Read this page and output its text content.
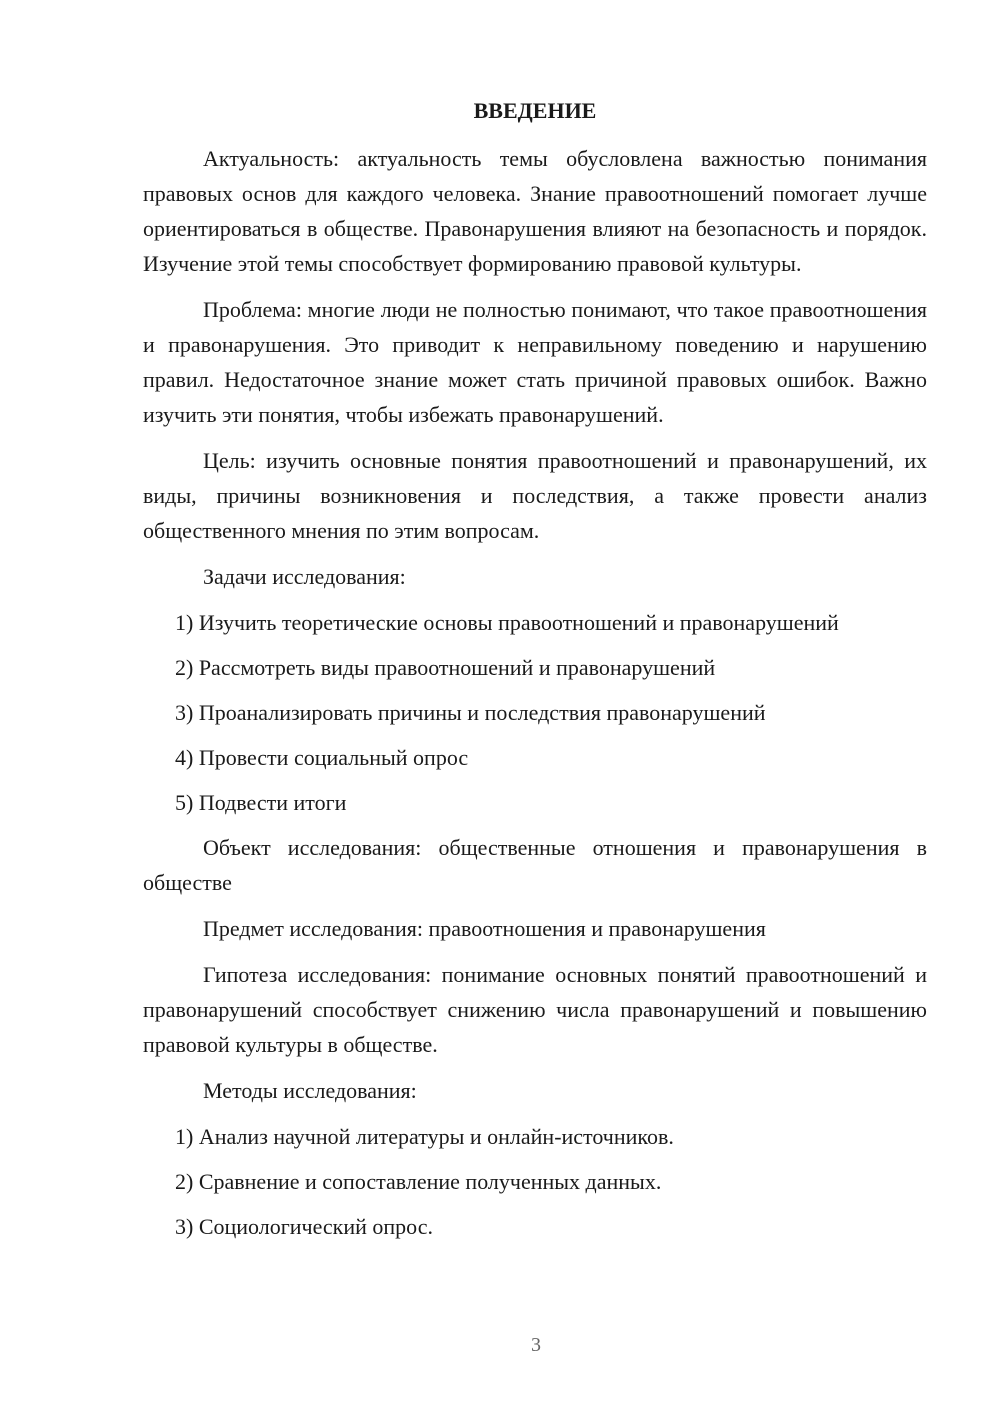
ВВЕДЕНИЕ

Актуальность: актуальность темы обусловлена важностью понимания правовых основ для каждого человека. Знание правоотношений помогает лучше ориентироваться в обществе. Правонарушения влияют на безопасность и порядок. Изучение этой темы способствует формированию правовой культуры.

Проблема: многие люди не полностью понимают, что такое правоотношения и правонарушения. Это приводит к неправильному поведению и нарушению правил. Недостаточное знание может стать причиной правовых ошибок. Важно изучить эти понятия, чтобы избежать правонарушений.

Цель: изучить основные понятия правоотношений и правонарушений, их виды, причины возникновения и последствия, а также провести анализ общественного мнения по этим вопросам.

Задачи исследования:

1) Изучить теоретические основы правоотношений и правонарушений
2) Рассмотреть виды правоотношений и правонарушений
3) Проанализировать причины и последствия правонарушений
4) Провести социальный опрос
5) Подвести итоги

Объект исследования: общественные отношения и правонарушения в обществе

Предмет исследования: правоотношения и правонарушения

Гипотеза исследования: понимание основных понятий правоотношений и правонарушений способствует снижению числа правонарушений и повышению правовой культуры в обществе.

Методы исследования:

1) Анализ научной литературы и онлайн-источников.
2) Сравнение и сопоставление полученных данных.
3) Социологический опрос.
3
